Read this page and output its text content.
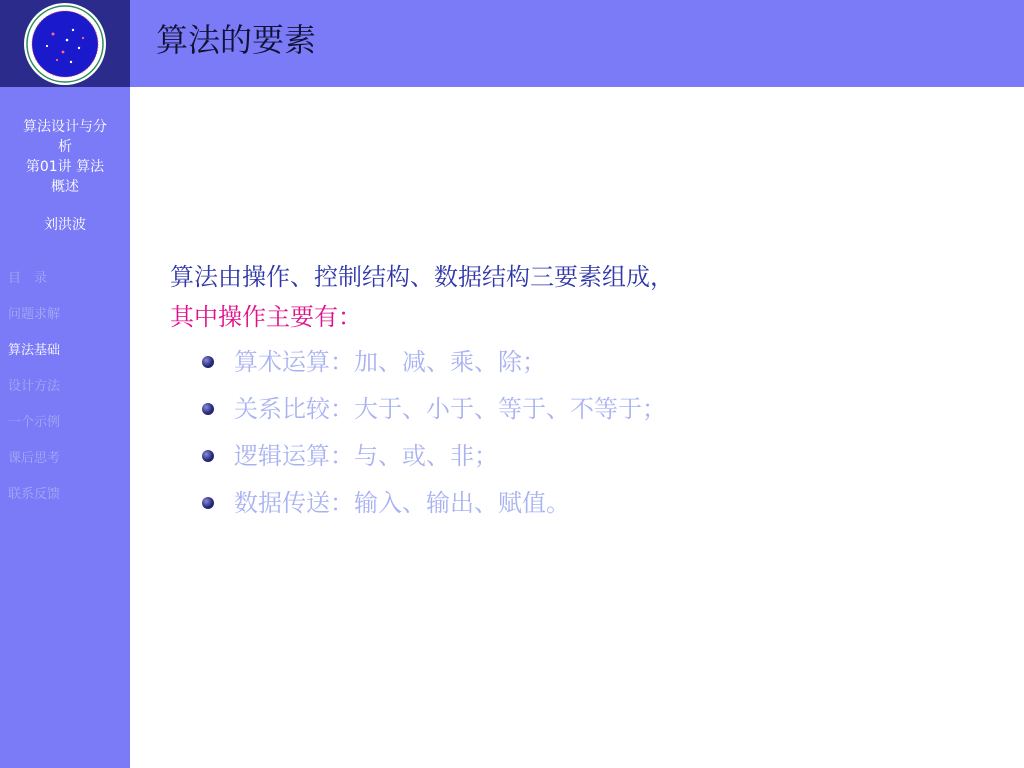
算法设计与分
析
第01讲 算法
概述
刘洪波
目　录
问题求解
算法基础
设计方法
一个示例
课后思考
联系反馈
算法的要素
算法由操作、控制结构、数据结构三要素组成，
其中操作主要有：
算术运算：加、减、乘、除；
关系比较：大于、小于、等于、不等于；
逻辑运算：与、或、非；
数据传送：输入、输出、赋值。
